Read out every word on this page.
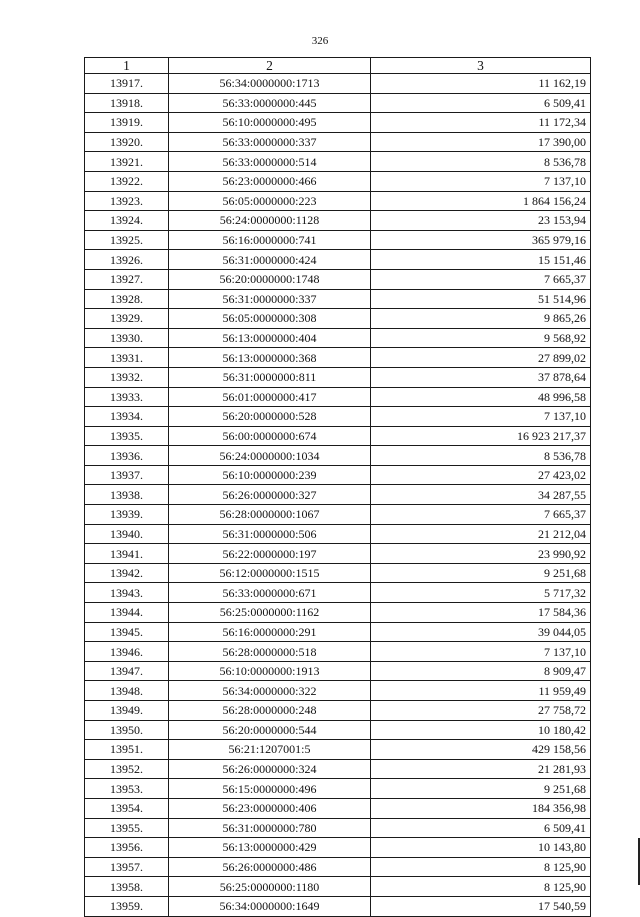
326
1	2	3
13917.	56:34:0000000:1713	11 162,19
13918.	56:33:0000000:445	6 509,41
13919.	56:10:0000000:495	11 172,34
13920.	56:33:0000000:337	17 390,00
13921.	56:33:0000000:514	8 536,78
13922.	56:23:0000000:466	7 137,10
13923.	56:05:0000000:223	1 864 156,24
13924.	56:24:0000000:1128	23 153,94
13925.	56:16:0000000:741	365 979,16
13926.	56:31:0000000:424	15 151,46
13927.	56:20:0000000:1748	7 665,37
13928.	56:31:0000000:337	51 514,96
13929.	56:05:0000000:308	9 865,26
13930.	56:13:0000000:404	9 568,92
13931.	56:13:0000000:368	27 899,02
13932.	56:31:0000000:811	37 878,64
13933.	56:01:0000000:417	48 996,58
13934.	56:20:0000000:528	7 137,10
13935.	56:00:0000000:674	16 923 217,37
13936.	56:24:0000000:1034	8 536,78
13937.	56:10:0000000:239	27 423,02
13938.	56:26:0000000:327	34 287,55
13939.	56:28:0000000:1067	7 665,37
13940.	56:31:0000000:506	21 212,04
13941.	56:22:0000000:197	23 990,92
13942.	56:12:0000000:1515	9 251,68
13943.	56:33:0000000:671	5 717,32
13944.	56:25:0000000:1162	17 584,36
13945.	56:16:0000000:291	39 044,05
13946.	56:28:0000000:518	7 137,10
13947.	56:10:0000000:1913	8 909,47
13948.	56:34:0000000:322	11 959,49
13949.	56:28:0000000:248	27 758,72
13950.	56:20:0000000:544	10 180,42
13951.	56:21:1207001:5	429 158,56
13952.	56:26:0000000:324	21 281,93
13953.	56:15:0000000:496	9 251,68
13954.	56:23:0000000:406	184 356,98
13955.	56:31:0000000:780	6 509,41
13956.	56:13:0000000:429	10 143,80
13957.	56:26:0000000:486	8 125,90
13958.	56:25:0000000:1180	8 125,90
13959.	56:34:0000000:1649	17 540,59
